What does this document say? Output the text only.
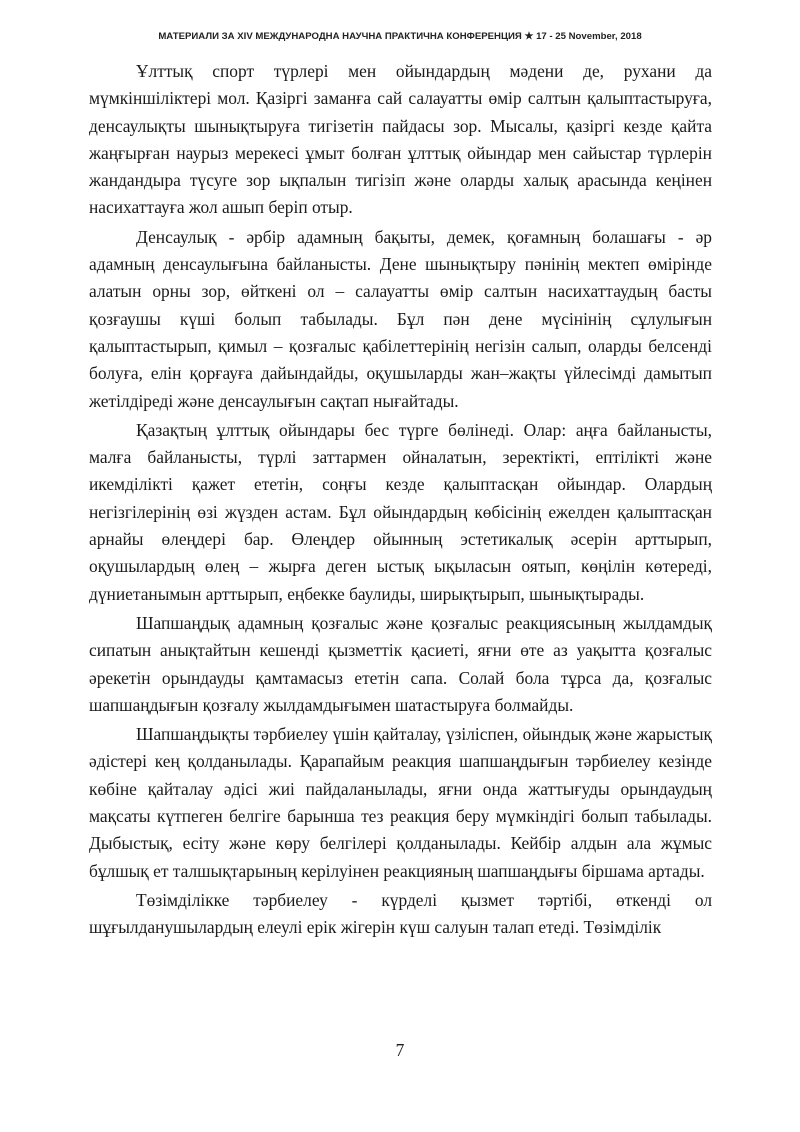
МАТЕРИАЛИ ЗА XIV МЕЖДУНАРОДНА НАУЧНА ПРАКТИЧНА КОНФЕРЕНЦИЯ ★ 17 - 25 November, 2018

Ұлттық спорт түрлері мен ойындардың мәдени де, рухани да мүмкіншіліктері мол. Қазіргі заманға сай салауатты өмір салтын қалыптастыруға, денсаулықты шынықтыруға тигізетін пайдасы зор. Мысалы, қазіргі кезде қайта жаңғырған наурыз мерекесі ұмыт болған ұлттық ойындар мен сайыстар түрлерін жандандыра түсуге зор ықпалын тигізіп және оларды халық арасында кеңінен насихаттауға жол ашып беріп отыр.

Денсаулық - әрбір адамның бақыты, демек, қоғамның болашағы - әр адамның денсаулығына байланысты. Дене шынықтыру пәнінің мектеп өмірінде алатын орны зор, өйткені ол – салауатты өмір салтын насихаттаудың басты қозғаушы күші болып табылады. Бұл пән дене мүсінінің сұлулығын қалыптастырып, қимыл – қозғалыс қабілеттерінің негізін салып, оларды белсенді болуға, елін қорғауға дайындайды, оқушыларды жан–жақты үйлесімді дамытып жетілдіреді және денсаулығын сақтап нығайтады.

Қазақтың ұлттық ойындары бес түрге бөлінеді. Олар: аңға байланысты, малға байланысты, түрлі заттармен ойналатын, зеректікті, ептілікті және икемділікті қажет ететін, соңғы кезде қалыптасқан ойындар. Олардың негізгілерінің өзі жүзден астам. Бұл ойындардың көбісінің ежелден қалыптасқан арнайы өлеңдері бар. Өлеңдер ойынның эстетикалық әсерін арттырып, оқушылардың өлең – жырға деген ыстық ықыласын оятып, көңілін көтереді, дүниетанымын арттырып, еңбекке баулиды, ширықтырып, шынықтырады.

Шапшаңдық адамның қозғалыс және қозғалыс реакциясының жылдамдық сипатын анықтайтын кешенді қызметтік қасиеті, яғни өте аз уақытта қозғалыс әрекетін орындауды қамтамасыз ететін сапа. Солай бола тұрса да, қозғалыс шапшаңдығын қозғалу жылдамдығымен шатастыруға болмайды.

Шапшаңдықты тәрбиелеу үшін қайталау, үзіліспен, ойындық және жарыстық әдістері кең қолданылады. Қарапайым реакция шапшаңдығын тәрбиелеу кезінде көбіне қайталау әдісі жиі пайдаланылады, яғни онда жаттығуды орындаудың мақсаты күтпеген белгіге барынша тез реакция беру мүмкіндігі болып табылады. Дыбыстық, есіту және көру белгілері қолданылады. Кейбір алдын ала жұмыс бұлшық ет талшықтарының керілуінен реакцияның шапшаңдығы біршама артады.

Төзімділікке тәрбиелеу - күрделі қызмет тәртібі, өткенді ол шұғылданушылардың елеулі ерік жігерін күш салуын талап етеді. Төзімділік

7
